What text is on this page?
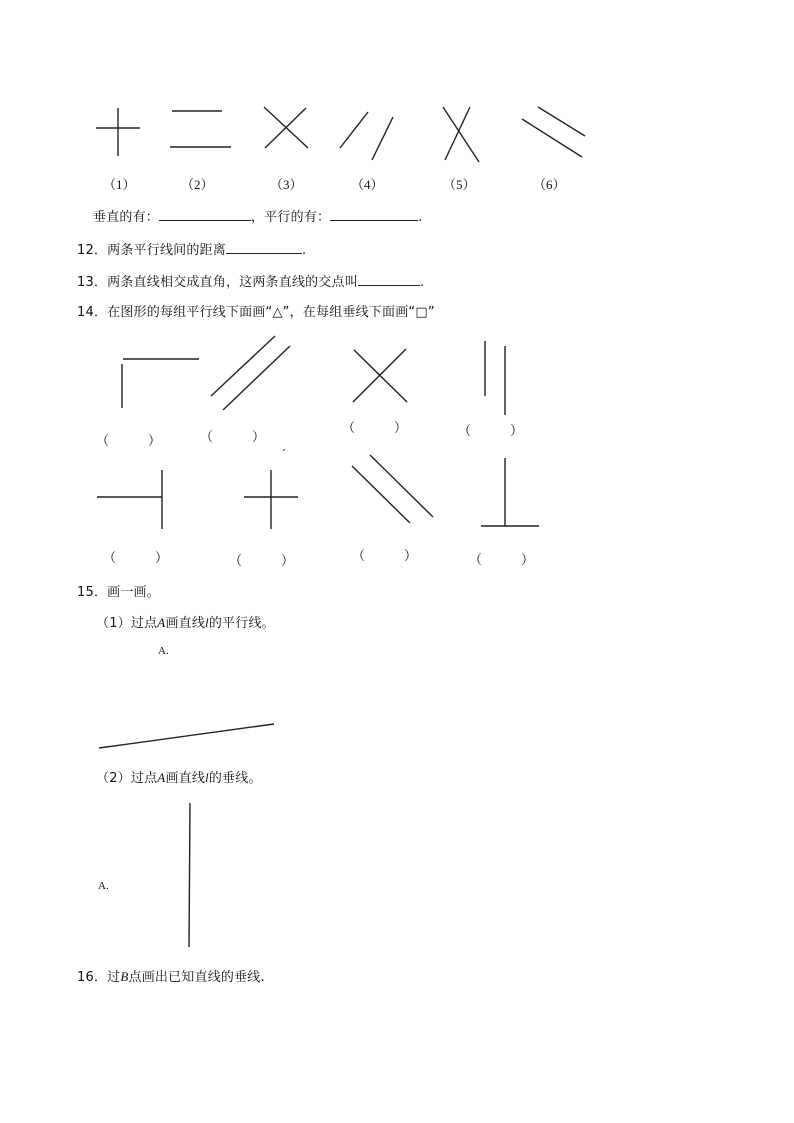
（1）	（2）	（3）	（4）	（5）	（6）
垂直的有：	，平行的有：	.
12．两条平行线间的距离	.
13．两条直线相交成直角，这两条直线的交点叫	.
14．在图形的每组平行线下面画“△”，在每组垂线下面画“□”
（　　　）	（　　　）
（　　　）	（　　　）
（　　　）	（　　　）	（　　　）	（　　　）
15．画一画。
（1）过点A画直线l的平行线。
A.
（2）过点A画直线l的垂线。
A.
16．过B点画出已知直线的垂线.
